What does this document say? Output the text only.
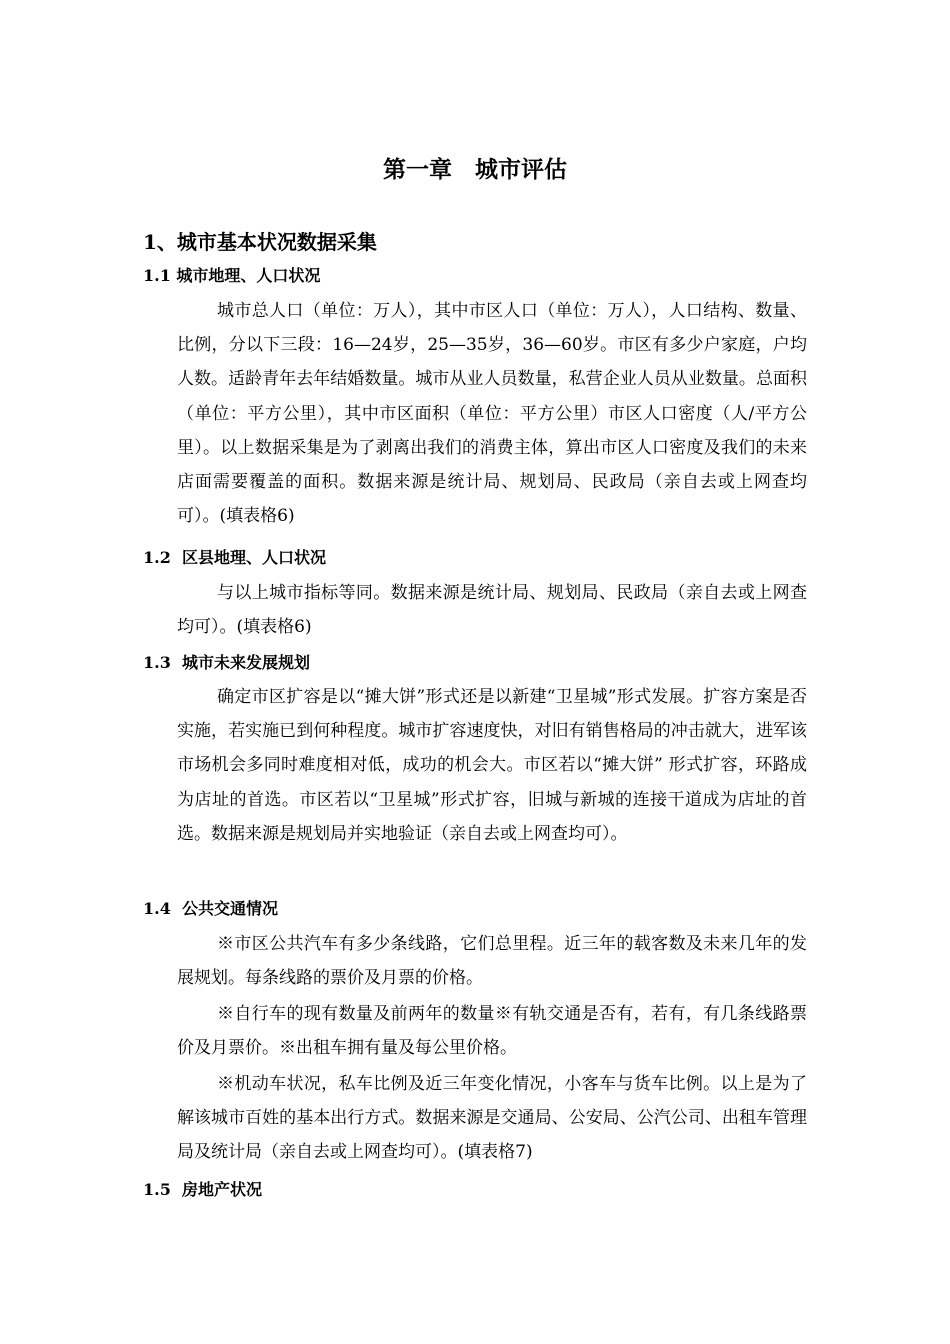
第一章　城市评估
1、城市基本状况数据采集
1.1 城市地理、人口状况

城市总人口（单位：万人），其中市区人口（单位：万人），人口结构、数量、比例，分以下三段：16—24岁，25—35岁，36—60岁。市区有多少户家庭，户均人数。适龄青年去年结婚数量。城市从业人员数量，私营企业人员从业数量。总面积（单位：平方公里），其中市区面积（单位：平方公里）市区人口密度（人/平方公里）。以上数据采集是为了剥离出我们的消费主体，算出市区人口密度及我们的未来店面需要覆盖的面积。数据来源是统计局、规划局、民政局（亲自去或上网查均可）。(填表格6)

1.2  区县地理、人口状况

与以上城市指标等同。数据来源是统计局、规划局、民政局（亲自去或上网查均可）。(填表格6)

1.3  城市未来发展规划

确定市区扩容是以“摊大饼”形式还是以新建“卫星城”形式发展。扩容方案是否实施，若实施已到何种程度。城市扩容速度快，对旧有销售格局的冲击就大，进军该市场机会多同时难度相对低，成功的机会大。市区若以“摊大饼” 形式扩容，环路成为店址的首选。市区若以“卫星城”形式扩容，旧城与新城的连接干道成为店址的首选。数据来源是规划局并实地验证（亲自去或上网查均可）。

1.4  公共交通情况

※市区公共汽车有多少条线路，它们总里程。近三年的载客数及未来几年的发展规划。每条线路的票价及月票的价格。

※自行车的现有数量及前两年的数量※有轨交通是否有，若有，有几条线路票价及月票价。※出租车拥有量及每公里价格。

※机动车状况，私车比例及近三年变化情况，小客车与货车比例。以上是为了解该城市百姓的基本出行方式。数据来源是交通局、公安局、公汽公司、出租车管理局及统计局（亲自去或上网查均可）。(填表格7)

1.5  房地产状况
